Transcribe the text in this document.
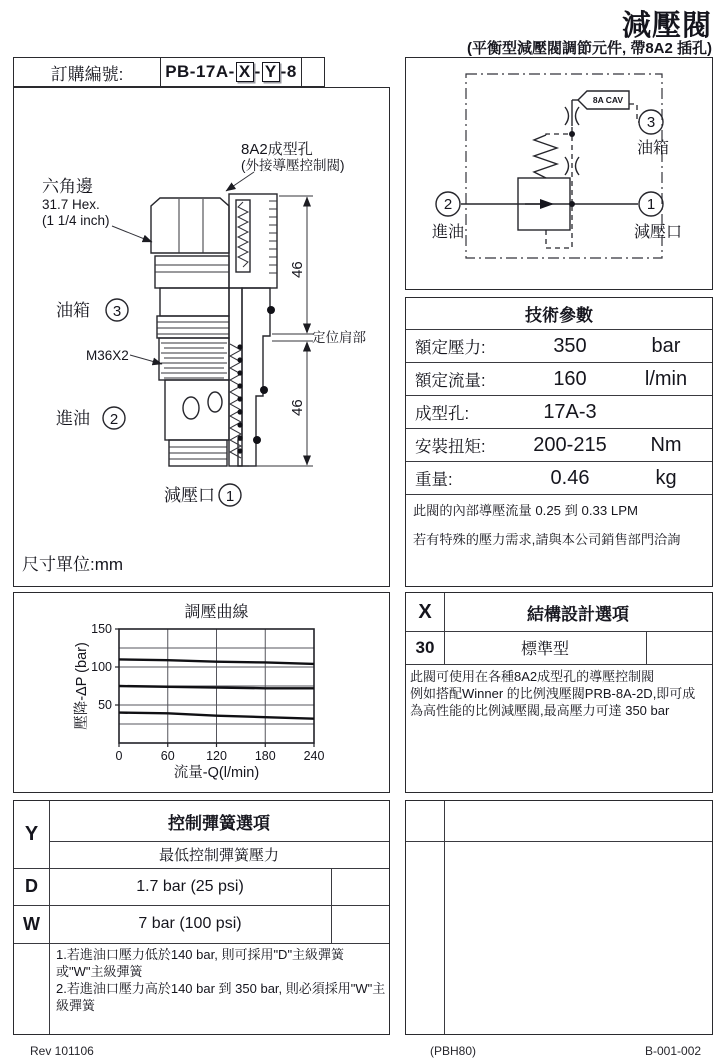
減壓閥
(平衡型減壓閥調節元件, 帶8A2 插孔)
訂購編號:	PB-17A- X - Y -8
46
46
定位肩部
8A2成型孔
(外接導壓控制閥)
六角邊
31.7 Hex.
(1 1/4 inch)
油箱 3
M36X2
進油 2
減壓口 1
尺寸單位:mm
8A CAV
3
油箱
2
進油
1
減壓口
技術參數
額定壓力:	350	bar
額定流量:	160	l/min
成型孔:	17A-3
安裝扭矩:	200-215	Nm
重量:	0.46	kg
此閥的內部導壓流量 0.25 到 0.33 LPM
若有特殊的壓力需求,請與本公司銷售部門洽詢
0	60	120 180 240
50
100
150
調壓曲線
流量-Q(l/min)
壓降-ΔP (bar)
X	結構設計選項
30	標準型
此閥可使用在各種8A2成型孔的導壓控制閥
例如搭配Winner 的比例洩壓閥PRB-8A-2D,即可成
為高性能的比例減壓閥,最高壓力可達 350 bar
Y	控制彈簧選項
最低控制彈簧壓力
D	1.7 bar (25 psi)
W	7 bar (100 psi)
1.若進油口壓力低於140 bar, 則可採用"D"主級彈簧或"W"主級彈簧
2.若進油口壓力高於140 bar 到 350 bar, 則必須採用"W"主級彈簧
Rev 101106	(PBH80)	B-001-002
